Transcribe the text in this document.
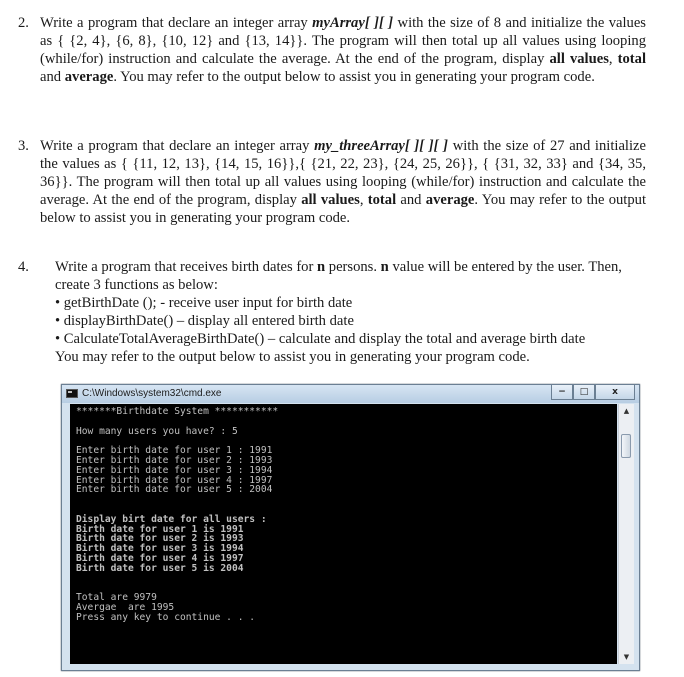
2. Write a program that declare an integer array myArray[ ][ ] with the size of 8 and initialize the values as { {2, 4}, {6, 8}, {10, 12} and {13, 14}}. The program will then total up all values using looping (while/for) instruction and calculate the average. At the end of the program, display all values, total and average. You may refer to the output below to assist you in generating your program code.
3. Write a program that declare an integer array my_threeArray[ ][ ][ ] with the size of 27 and initialize the values as { {11, 12, 13}, {14, 15, 16}},{ {21, 22, 23}, {24, 25, 26}}, { {31, 32, 33} and {34, 35, 36}}. The program will then total up all values using looping (while/for) instruction and calculate the average. At the end of the program, display all values, total and average. You may refer to the output below to assist you in generating your program code.
4. Write a program that receives birth dates for n persons. n value will be entered by the user. Then, create 3 functions as below:
• getBirthDate (); - receive user input for birth date
• displayBirthDate() – display all entered birth date
• CalculateTotalAverageBirthDate() – calculate and display the total and average birth date
You may refer to the output below to assist you in generating your program code.
C:\Windows\system32\cmd.exe	−	□	x
*******Birthdate System ***********
How many users you have? : 5
Enter birth date for user 1 : 1991
Enter birth date for user 2 : 1993
Enter birth date for user 3 : 1994
Enter birth date for user 4 : 1997
Enter birth date for user 5 : 2004
Display birt date for all users :
Birth date for user 1 is 1991
Birth date for user 2 is 1993
Birth date for user 3 is 1994
Birth date for user 4 is 1997
Birth date for user 5 is 2004
Total are 9979
Avergae  are 1995
Press any key to continue . . .
▲
▼
